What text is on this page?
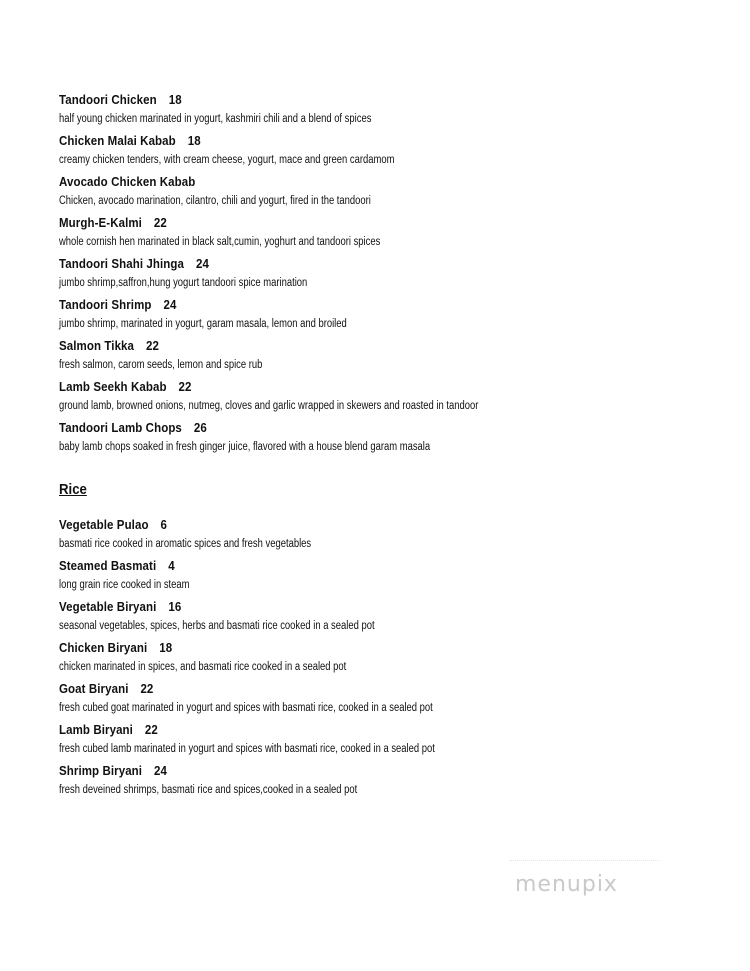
Tandoori Chicken 18
half young chicken marinated in yogurt, kashmiri chili and a blend of spices
Chicken Malai Kabab 18
creamy chicken tenders, with cream cheese, yogurt, mace and green cardamom
Avocado Chicken Kabab
Chicken, avocado marination, cilantro, chili and yogurt, fired in the tandoori
Murgh-E-Kalmi 22
whole cornish hen marinated in black salt,cumin, yoghurt and tandoori spices
Tandoori Shahi Jhinga 24
jumbo shrimp,saffron,hung yogurt tandoori spice marination
Tandoori Shrimp 24
jumbo shrimp, marinated in yogurt, garam masala, lemon and broiled
Salmon Tikka 22
fresh salmon, carom seeds, lemon and spice rub
Lamb Seekh Kabab 22
ground lamb, browned onions, nutmeg, cloves and garlic wrapped in skewers and roasted in tandoor
Tandoori Lamb Chops 26
baby lamb chops soaked in fresh ginger juice, flavored with a house blend garam masala
Rice
Vegetable Pulao 6
basmati rice cooked in aromatic spices and fresh vegetables
Steamed Basmati 4
long grain rice cooked in steam
Vegetable Biryani 16
seasonal vegetables, spices, herbs and basmati rice cooked in a sealed pot
Chicken Biryani 18
chicken marinated in spices, and basmati rice cooked in a sealed pot
Goat Biryani 22
fresh cubed goat marinated in yogurt and spices with basmati rice, cooked in a sealed pot
Lamb Biryani 22
fresh cubed lamb marinated in yogurt and spices with basmati rice, cooked in a sealed pot
Shrimp Biryani 24
fresh deveined shrimps, basmati rice and spices,cooked in a sealed pot
menupix
